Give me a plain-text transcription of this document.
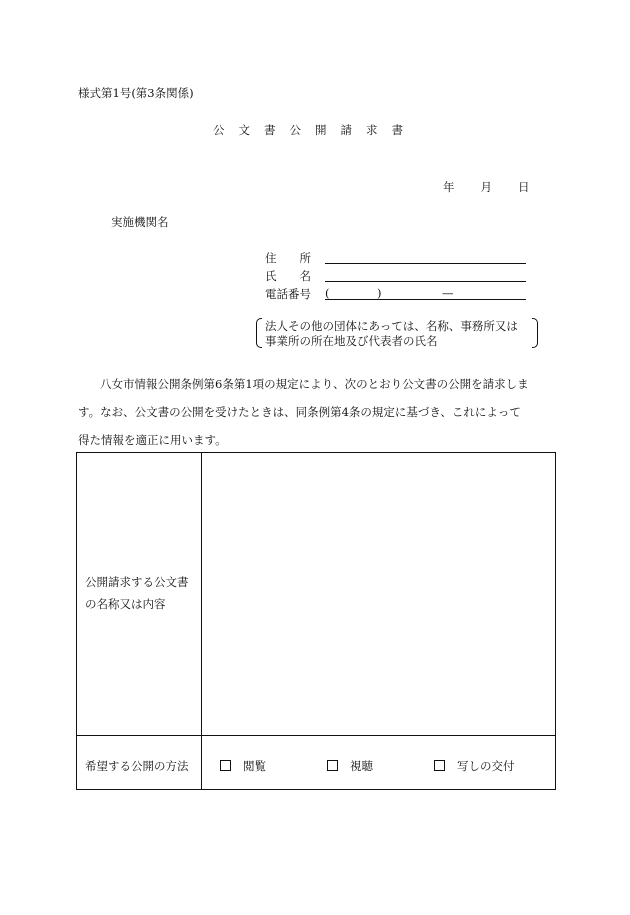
様式第1号(第3条関係)
公文書公開請求書
年 月 日
実施機関名
住　　所
氏　　名
電話番号 (	)	—
法人その他の団体にあっては、名称、事務所又は
事業所の所在地及び代表者の氏名
八女市情報公開条例第6条第1項の規定により、次のとおり公文書の公開を請求しま
す。なお、公文書の公開を受けたときは、同条例第4条の規定に基づき、これによって
得た情報を適正に用います。
公開請求する公文書
の名称又は内容
希望する公開の方法	閲覧	視聴	写しの交付
